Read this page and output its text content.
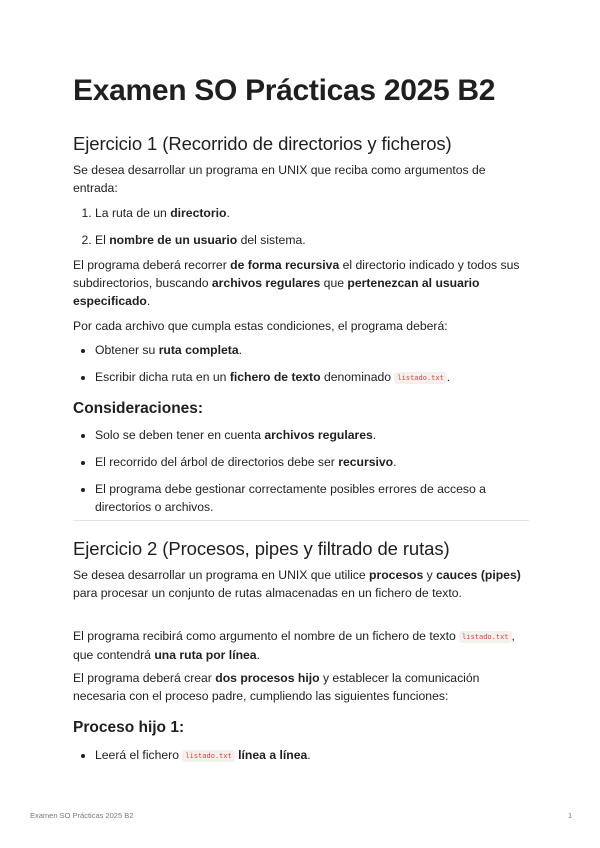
Examen SO Prácticas 2025 B2
Ejercicio 1 (Recorrido de directorios y ficheros)

Se desea desarrollar un programa en UNIX que reciba como argumentos de entrada:

1. La ruta de un directorio.
2. El nombre de un usuario del sistema.

El programa deberá recorrer de forma recursiva el directorio indicado y todos sus subdirectorios, buscando archivos regulares que pertenezcan al usuario especificado.

Por cada archivo que cumpla estas condiciones, el programa deberá:

• Obtener su ruta completa.
• Escribir dicha ruta en un fichero de texto denominado listado.txt .
Consideraciones:
• Solo se deben tener en cuenta archivos regulares.
• El recorrido del árbol de directorios debe ser recursivo.
• El programa debe gestionar correctamente posibles errores de acceso a directorios o archivos.
Ejercicio 2 (Procesos, pipes y filtrado de rutas)

Se desea desarrollar un programa en UNIX que utilice procesos y cauces (pipes) para procesar un conjunto de rutas almacenadas en un fichero de texto.

El programa recibirá como argumento el nombre de un fichero de texto listado.txt , que contendrá una ruta por línea.

El programa deberá crear dos procesos hijo y establecer la comunicación necesaria con el proceso padre, cumpliendo las siguientes funciones:

Proceso hijo 1:
• Leerá el fichero listado.txt línea a línea.
Examen SO Prácticas 2025 B2	1
